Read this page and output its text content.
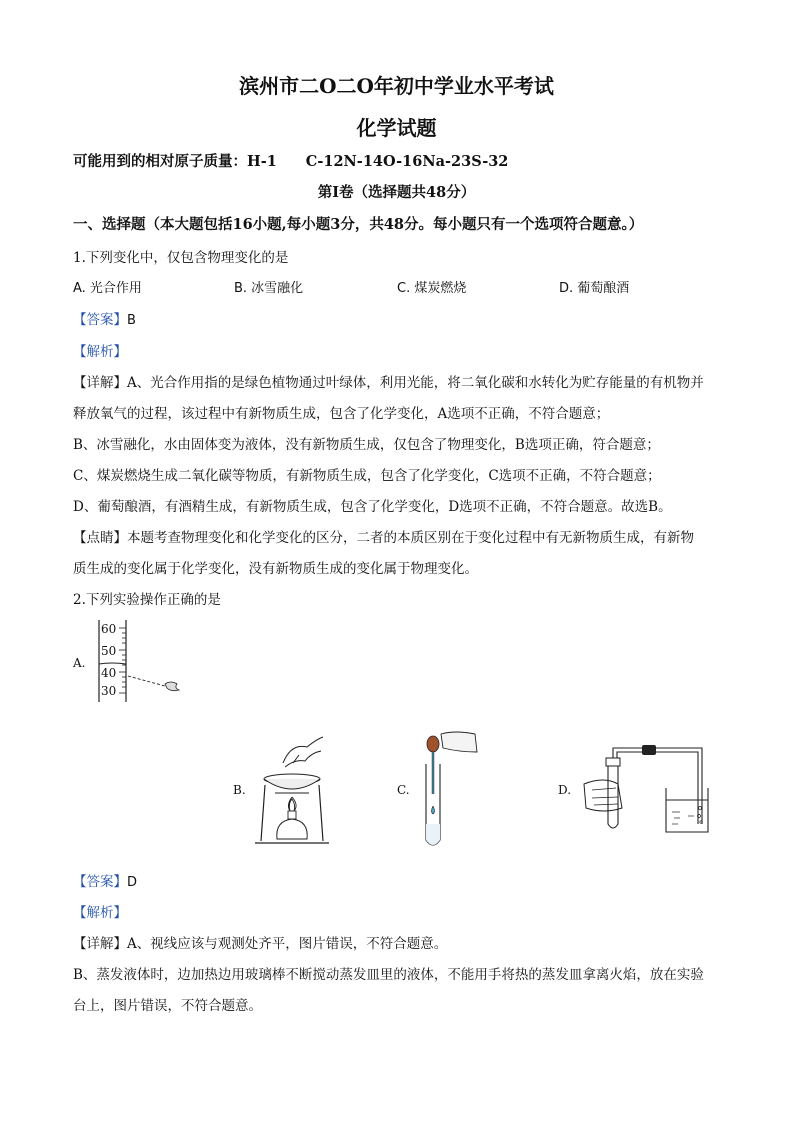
滨州市二O二O年初中学业水平考试
化学试题
可能用到的相对原子质量：H-1　　C-12N-14O-16Na-23S-32
第I卷（选择题共48分）
一、选择题（本大题包括16小题,每小题3分，共48分。每小题只有一个选项符合题意。）
1.下列变化中，仅包含物理变化的是
A. 光合作用	B. 冰雪融化	C. 煤炭燃烧	D. 葡萄酿酒
【答案】B
【解析】
【详解】A、光合作用指的是绿色植物通过叶绿体，利用光能，将二氧化碳和水转化为贮存能量的有机物并
释放氧气的过程，该过程中有新物质生成，包含了化学变化，A选项不正确，不符合题意；
B、冰雪融化，水由固体变为液体，没有新物质生成，仅包含了物理变化，B选项正确，符合题意；
C、煤炭燃烧生成二氧化碳等物质，有新物质生成，包含了化学变化，C选项不正确，不符合题意；
D、葡萄酿酒，有酒精生成，有新物质生成，包含了化学变化，D选项不正确，不符合题意。故选B。
【点睛】本题考查物理变化和化学变化的区分，二者的本质区别在于变化过程中有无新物质生成，有新物
质生成的变化属于化学变化，没有新物质生成的变化属于物理变化。
2.下列实验操作正确的是
A.
60
50
40
30
B.	C.	D.
【答案】D
【解析】
【详解】A、视线应该与观测处齐平，图片错误，不符合题意。
B、蒸发液体时，边加热边用玻璃棒不断搅动蒸发皿里的液体，不能用手将热的蒸发皿拿离火焰，放在实验
台上，图片错误，不符合题意。
